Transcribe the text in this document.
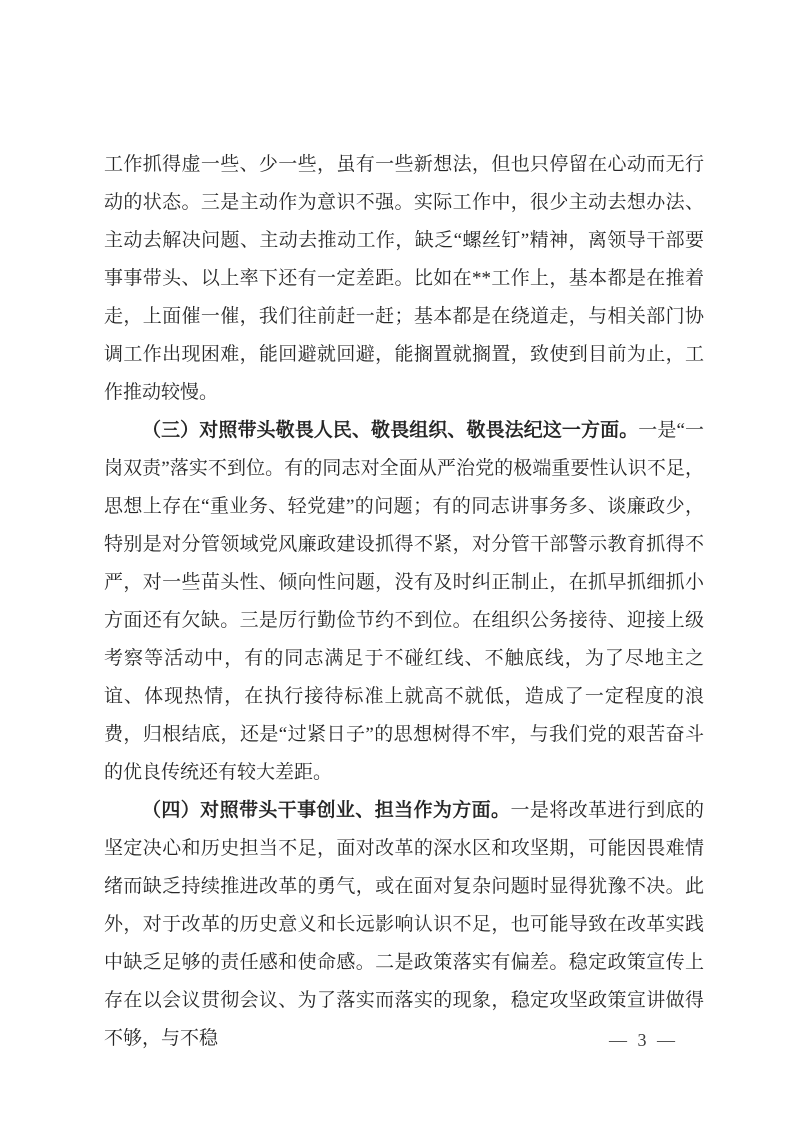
工作抓得虚一些、少一些，虽有一些新想法，但也只停留在心动而无行动的状态。三是主动作为意识不强。实际工作中，很少主动去想办法、主动去解决问题、主动去推动工作，缺乏“螺丝钉”精神，离领导干部要事事带头、以上率下还有一定差距。比如在**工作上，基本都是在推着走，上面催一催，我们往前赶一赶；基本都是在绕道走，与相关部门协调工作出现困难，能回避就回避，能搁置就搁置，致使到目前为止，工作推动较慢。

（三）对照带头敬畏人民、敬畏组织、敬畏法纪这一方面。一是“一岗双责”落实不到位。有的同志对全面从严治党的极端重要性认识不足，思想上存在“重业务、轻党建”的问题；有的同志讲事务多、谈廉政少，特别是对分管领域党风廉政建设抓得不紧，对分管干部警示教育抓得不严，对一些苗头性、倾向性问题，没有及时纠正制止，在抓早抓细抓小方面还有欠缺。三是厉行勤俭节约不到位。在组织公务接待、迎接上级考察等活动中，有的同志满足于不碰红线、不触底线，为了尽地主之谊、体现热情，在执行接待标准上就高不就低，造成了一定程度的浪费，归根结底，还是“过紧日子”的思想树得不牢，与我们党的艰苦奋斗的优良传统还有较大差距。

（四）对照带头干事创业、担当作为方面。一是将改革进行到底的坚定决心和历史担当不足，面对改革的深水区和攻坚期，可能因畏难情绪而缺乏持续推进改革的勇气，或在面对复杂问题时显得犹豫不决。此外，对于改革的历史意义和长远影响认识不足，也可能导致在改革实践中缺乏足够的责任感和使命感。二是政策落实有偏差。稳定政策宣传上存在以会议贯彻会议、为了落实而落实的现象，稳定攻坚政策宣讲做得不够，与不稳	— 3 —
